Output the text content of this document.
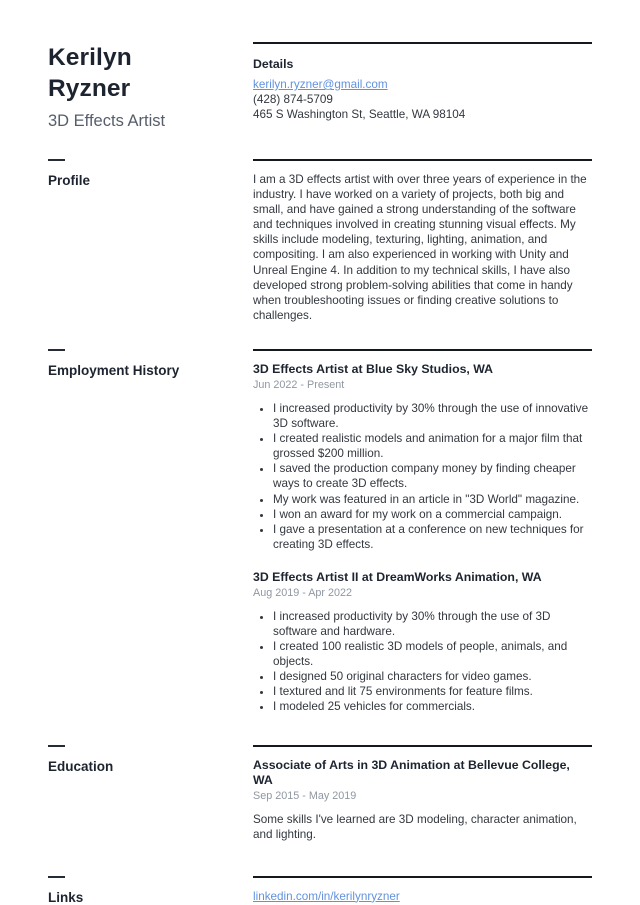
Kerilyn Ryzner
3D Effects Artist
Details
kerilyn.ryzner@gmail.com
(428) 874-5709
465 S Washington St, Seattle, WA 98104
Profile	I am a 3D effects artist with over three years of experience in the industry. I have worked on a variety of projects, both big and small, and have gained a strong understanding of the software and techniques involved in creating stunning visual effects. My skills include modeling, texturing, lighting, animation, and compositing. I am also experienced in working with Unity and Unreal Engine 4. In addition to my technical skills, I have also developed strong problem-solving abilities that come in handy when troubleshooting issues or finding creative solutions to challenges.

Employment History	3D Effects Artist at Blue Sky Studios, WA
Jun 2022 - Present
• I increased productivity by 30% through the use of innovative 3D software.
• I created realistic models and animation for a major film that grossed $200 million.
• I saved the production company money by finding cheaper ways to create 3D effects.
• My work was featured in an article in "3D World" magazine.
• I won an award for my work on a commercial campaign.
• I gave a presentation at a conference on new techniques for creating 3D effects.
3D Effects Artist II at DreamWorks Animation, WA
Aug 2019 - Apr 2022
• I increased productivity by 30% through the use of 3D software and hardware.
• I created 100 realistic 3D models of people, animals, and objects.
• I designed 50 original characters for video games.
• I textured and lit 75 environments for feature films.
• I modeled 25 vehicles for commercials.
Education	Associate of Arts in 3D Animation at Bellevue College, WA
Sep 2015 - May 2019

Some skills I've learned are 3D modeling, character animation, and lighting.

Links	linkedin.com/in/kerilynryzner
